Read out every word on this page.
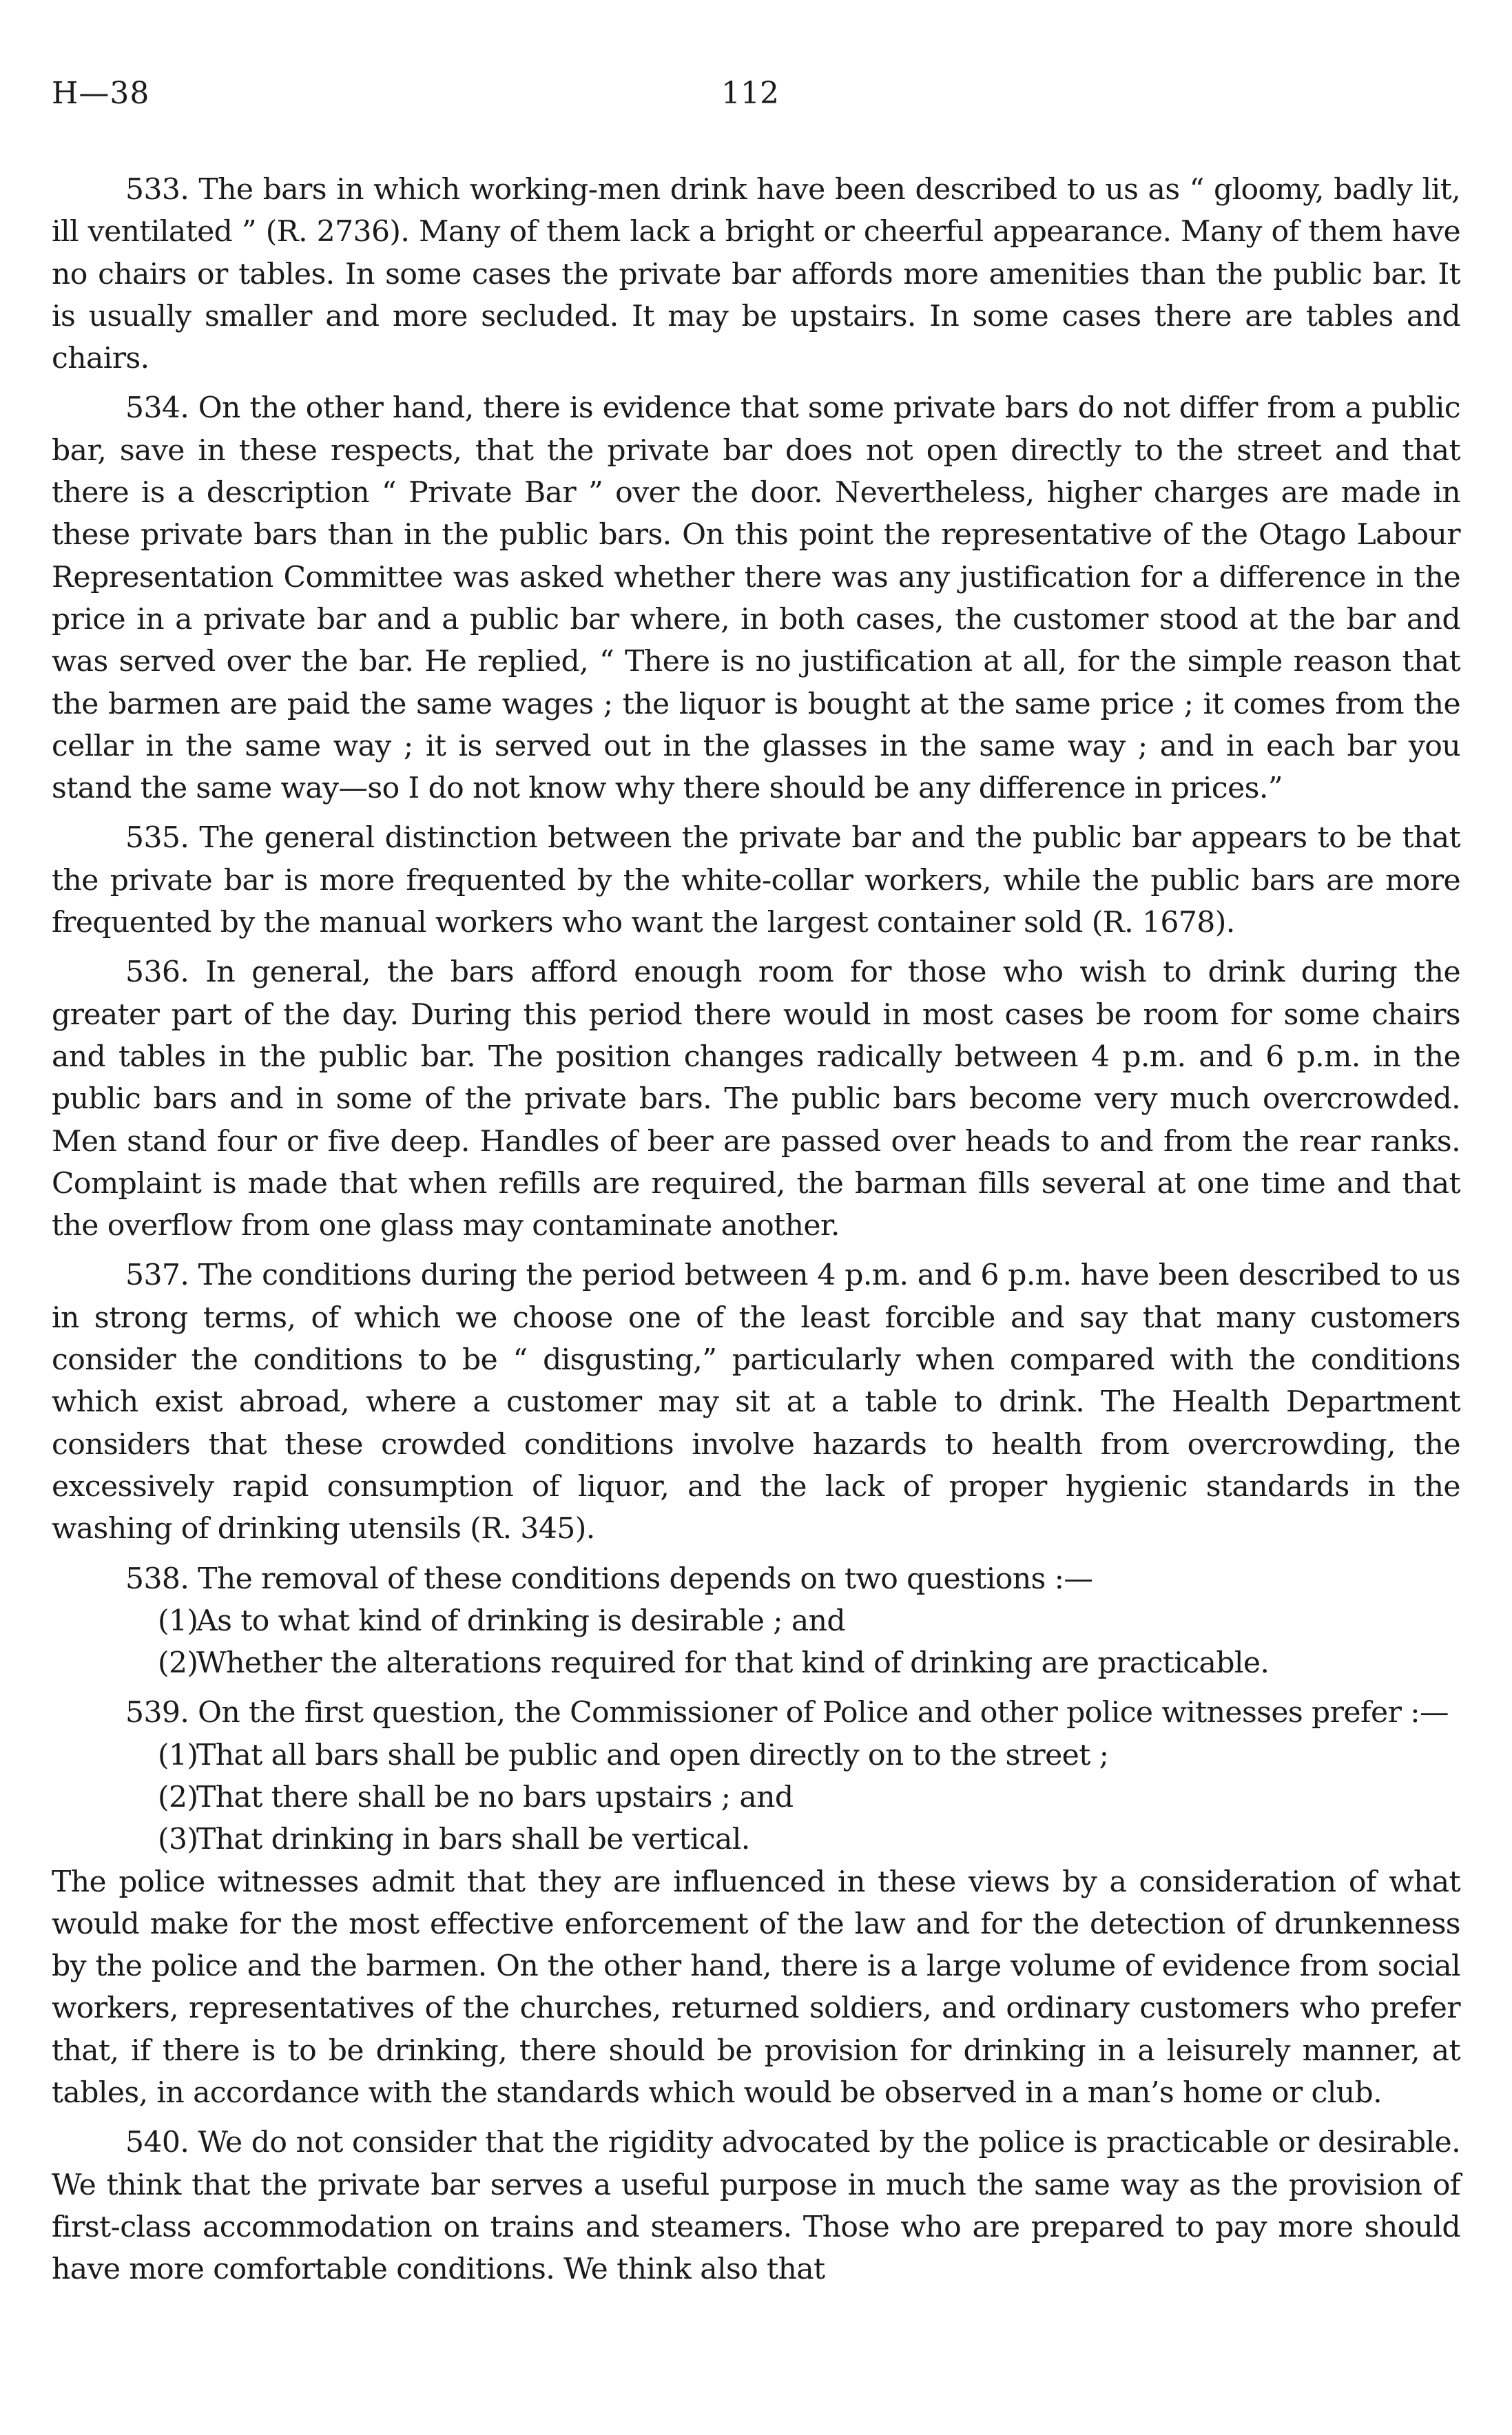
H—38	112

533. The bars in which working-men drink have been described to us as “ gloomy, badly lit, ill ventilated ” (R. 2736). Many of them lack a bright or cheerful appearance. Many of them have no chairs or tables. In some cases the private bar affords more amenities than the public bar. It is usually smaller and more secluded. It may be upstairs. In some cases there are tables and chairs.

534. On the other hand, there is evidence that some private bars do not differ from a public bar, save in these respects, that the private bar does not open directly to the street and that there is a description “ Private Bar ” over the door. Nevertheless, higher charges are made in these private bars than in the public bars. On this point the representative of the Otago Labour Representation Committee was asked whether there was any justification for a difference in the price in a private bar and a public bar where, in both cases, the customer stood at the bar and was served over the bar. He replied, “ There is no justification at all, for the simple reason that the barmen are paid the same wages ; the liquor is bought at the same price ; it comes from the cellar in the same way ; it is served out in the glasses in the same way ; and in each bar you stand the same way—so I do not know why there should be any difference in prices.”

535. The general distinction between the private bar and the public bar appears to be that the private bar is more frequented by the white-collar workers, while the public bars are more frequented by the manual workers who want the largest container sold (R. 1678).

536. In general, the bars afford enough room for those who wish to drink during the greater part of the day. During this period there would in most cases be room for some chairs and tables in the public bar. The position changes radically between 4 p.m. and 6 p.m. in the public bars and in some of the private bars. The public bars become very much overcrowded. Men stand four or five deep. Handles of beer are passed over heads to and from the rear ranks. Complaint is made that when refills are required, the barman fills several at one time and that the overflow from one glass may contaminate another.

537. The conditions during the period between 4 p.m. and 6 p.m. have been described to us in strong terms, of which we choose one of the least forcible and say that many customers consider the conditions to be “ disgusting,” particularly when compared with the conditions which exist abroad, where a customer may sit at a table to drink. The Health Department considers that these crowded conditions involve hazards to health from overcrowding, the excessively rapid consumption of liquor, and the lack of proper hygienic standards in the washing of drinking utensils (R. 345).

538. The removal of these conditions depends on two questions :—

(1)As to what kind of drinking is desirable ; and
(2)Whether the alterations required for that kind of drinking are practicable.

539. On the first question, the Commissioner of Police and other police witnesses prefer :—

(1)That all bars shall be public and open directly on to the street ;
(2)That there shall be no bars upstairs ; and
(3)That drinking in bars shall be vertical.

The police witnesses admit that they are influenced in these views by a consideration of what would make for the most effective enforcement of the law and for the detection of drunkenness by the police and the barmen. On the other hand, there is a large volume of evidence from social workers, representatives of the churches, returned soldiers, and ordinary customers who prefer that, if there is to be drinking, there should be provision for drinking in a leisurely manner, at tables, in accordance with the standards which would be observed in a man’s home or club.

540. We do not consider that the rigidity advocated by the police is practicable or desirable. We think that the private bar serves a useful purpose in much the same way as the provision of first-class accommodation on trains and steamers. Those who are prepared to pay more should have more comfortable conditions. We think also that
